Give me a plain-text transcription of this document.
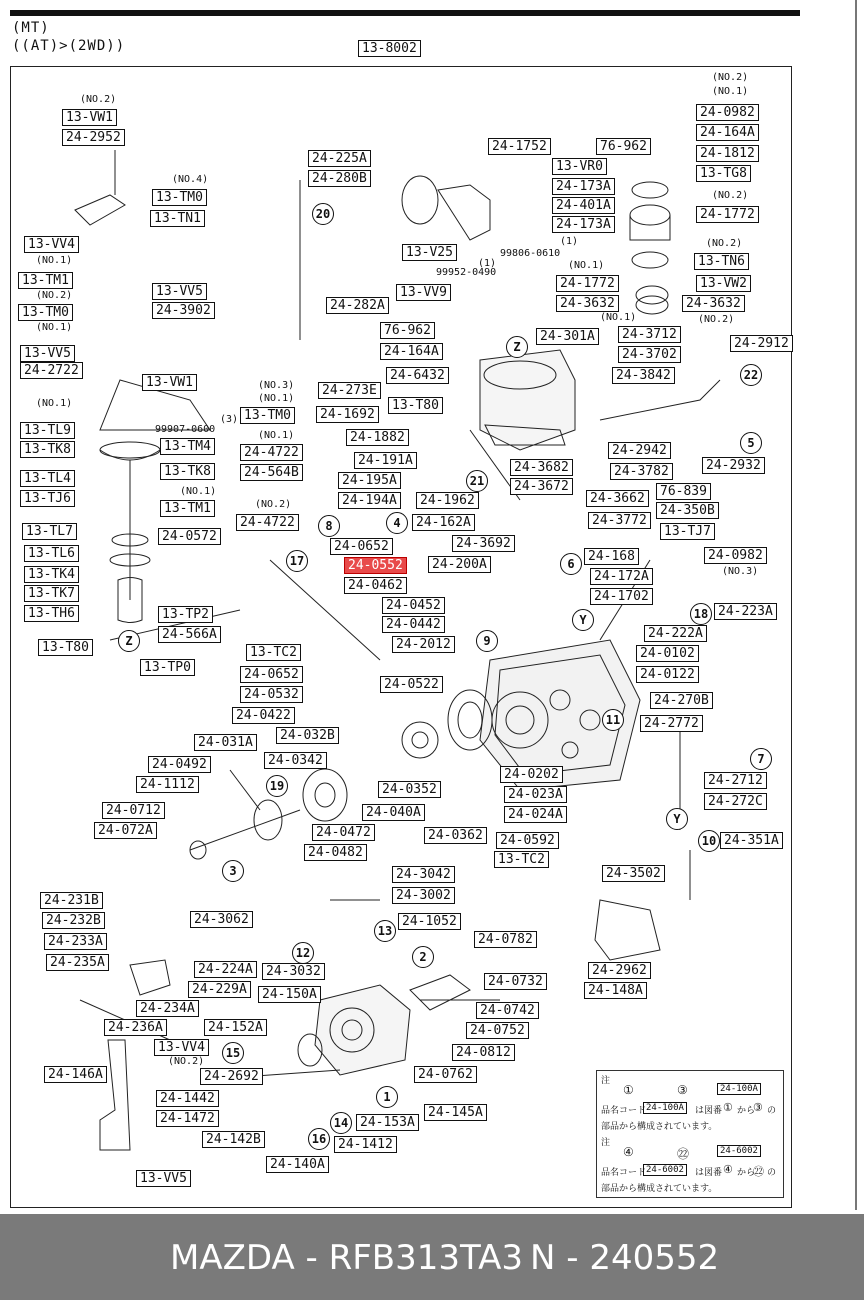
(MT)
((AT)>(2WD))	13-8002
(NO.2)
(NO.4)
(NO.2)
(NO.1)
(NO.1)
(NO.1)
(NO.1)
99907-0600
(3)
(NO.3)
(NO.1)
(NO.1)
(NO.2)
99806-0610
99952-0490
(1)
(1)
(NO.1)
(NO.1)
(NO.2)
(NO.1)
(NO.2)
(NO.2)
(NO.3)
(NO.2)
(NO.2)
13-VW1
24-2952
13-VV4
13-TM1
13-TM0
13-VV5
24-2722
13-VW1
13-TL9
13-TK8
13-TL4
13-TJ6
13-TL7
13-TL6
13-TK4
13-TK7
13-TH6
13-T80
13-TM0
13-TN1
13-VV5
24-3902
13-TM4
13-TK8
13-TM1
24-0572
13-TP2
24-566A
13-TP0
13-TC2
24-225A
24-280B
24-282A
13-TM0
24-4722
24-564B
24-4722
24-0652
24-0552
24-0462
24-0452
24-0442
24-2012
24-0652
24-0532
24-0522
24-0422
24-1752
13-V25
13-VV9
76-962
24-164A
24-6432
24-273E
13-T80
24-1692
24-1882
24-191A
24-195A
24-194A	24-1962
24-162A
24-3692
24-200A
13-VR0
24-173A
24-401A
24-173A
76-962
24-1772
24-3632
24-301A	24-3712
24-3702
24-3842
24-3682
24-3672
24-3662
24-3772
24-168
24-172A
24-1702
24-0982
24-164A
24-1812
13-TG8
24-1772
13-TN6
13-VW2
24-3632
24-2912
24-2942
24-3782	24-2932
76-839
24-350B
13-TJ7
24-0982
24-223A
24-222A
24-0102
24-0122
24-270B
24-2772
24-2712
24-272C
24-351A
24-031A	24-032B
24-0342
24-0492
24-1112	24-0352
24-040A
24-0712
24-072A	24-0472
24-0482
24-0362
24-0202
24-023A
24-024A
24-0592
13-TC2
24-3502
24-2962
24-148A
24-231B
24-232B
24-233A
24-235A
24-3062
24-224A	24-3032
24-229A	24-150A
24-234A
24-236A	24-152A
13-VV4
24-2692
24-146A
24-1442
24-1472
24-142B
24-140A
24-153A
24-1412
24-145A
24-3042
24-3002
24-1052
24-0782
24-0732
24-0742
24-0752
24-0812
24-0762
13-VV5
20
Z
Z
22
5
21
4
17
8
6
Y	18
9
11
7
Y
10
19
3
12
13
2
15
14
16
1
注
①	③	24-100A
品名コード 24-100A	は図番 ① から
③ の
部品から構成されています。
注
④	㉒	24-6002
品名コード 24-6002	は図番 ④ から
㉒ の
部品から構成されています。
MAZDA - RFB313TA3 N - 240552
